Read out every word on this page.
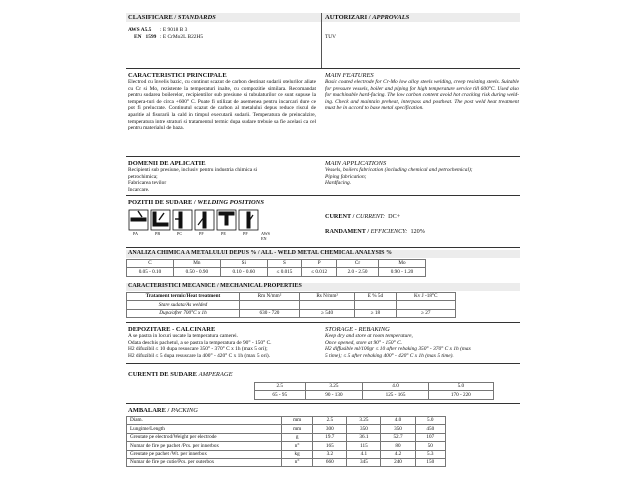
CLASIFICARE / STANDARDS	AUTORIZARI / APPROVALS
AWS A5.5 : E 9018 B 3
EN 1599 : E CrMo2L B22H5	TUV
CARACTERISTICI PRINCIPALE	MAIN FEATURES
Electrod cu învelis bazic, cu continut scazut de carbon destinat sudarii otelurilor aliate cu Cr si Mo, rezistente la temperaturi inalte, cu compozitie similara. Recomandat pentru sudarea boilerelor, recipientilor sub presiune si tubulaturilor ce sunt supuse la tempera-turi de circa +600° C. Poate fi utilizat de asemenea pentru incarcari dure ce pot fi prelucrate. Continutul scazut de carbon al metalului depus reduce riscul de aparitie al fisurarii la cald in timpul executarii sudarii. Temperatura de preincalzire, temperatura intre straturi si tratamentul termic dupa sudare trebuie sa fie acelasi ca cel pentru materialul de baza.
Basic coated electrode for Cr-Mo low alloy steels welding, creep resisting steels. Suitable for pressure vessels, boiler and piping for high temperature service till 600°C. Used also for machinable hard-facing. The low carbon content avoid hot cracking risk during weld-ing. Check and maintain preheat, interpass and postheat. The post weld heat treatment must be in accord to base metal specification.
DOMENII DE APLICATIE	MAIN APPLICATIONS
Recipienti sub presiune, inclusiv pentru industria chimica si
petrochimica;
Fabricarea tevilor
Incarcare.
Vessels, boilers fabrication (including chemical and petrochemical);
Piping fabrication;
Hardfacing.
POZITII DE SUDARE / WELDING POSITIONS
PA	PB	PC	PF	PE	PF	AWS EN
CURENT / CURRENT: DC+
RANDAMENT / EFFICIENCY: 120%
ANALIZA CHIMICA A METALULUI DEPUS % / ALL - WELD METAL CHEMICAL ANALYSIS %
C	Mn	Si	S	P	Cr	Mo
0.05 - 0.10	0.50 - 0.90	0.10 - 0.60	≤ 0.015	≤ 0.012	2.0 - 2.50	0.90 - 1.20
CARACTERISTICI MECANICE / MECHANICAL PROPERTIES
Tratament termic/Heat treatment	Rm N/mm²	Rs N/mm²	E % 5d	Kv J -18°C
Stare sudata/As welded				
Dupa/after 700°C x 1h	630 - 720	≥ 540	≥ 18	≥ 27
DEPOZITARE - CALCINARE	STORAGE - REBAKING
A se pastra in locuri uscate la temperatura camerei.
Odata deschis pachetul, a se pastra la temperatura de 90° - 150° C.
H2 difuzibil ≤ 10 dupa resuscare 350° - 370° C x 1h (max 5 ori);
H2 difuzibil ≤ 5 dupa resuscare la 400° - 420° C x 1h (max 5 ori).
Keep dry and store at room temperature,
Once opened, store at 90° - 150° C.
H2 diffusible ml/100gr ≤ 10 after rebaking 350° - 370° C x 1h (max
5 time); ≤ 5 after rebaking 400° - 420° C x 1h (max 5 time).
CURENTI DE SUDARE AMPERAGE
2.5	3.25	4.0	5.0
65 - 95	90 - 130	125 - 165	170 - 220
AMBALARE / PACKING
Diam.	mm	2.5	3.25	4.0	5.0
Lungime/Length	mm	300	350	350	450
Greutate pe electrod/Weight per electrode	g	19.7	36.1	52.7	107
Numar de fire pe pachet /Pcs. per innerbox	n°	165	115	80	50
Greutate pe pachet /Wt. per innerbox	kg	3.2	4.1	4.2	5.3
Numar de fire pe cutie/Pcs. per outerbox	n°	660	345	240	150
